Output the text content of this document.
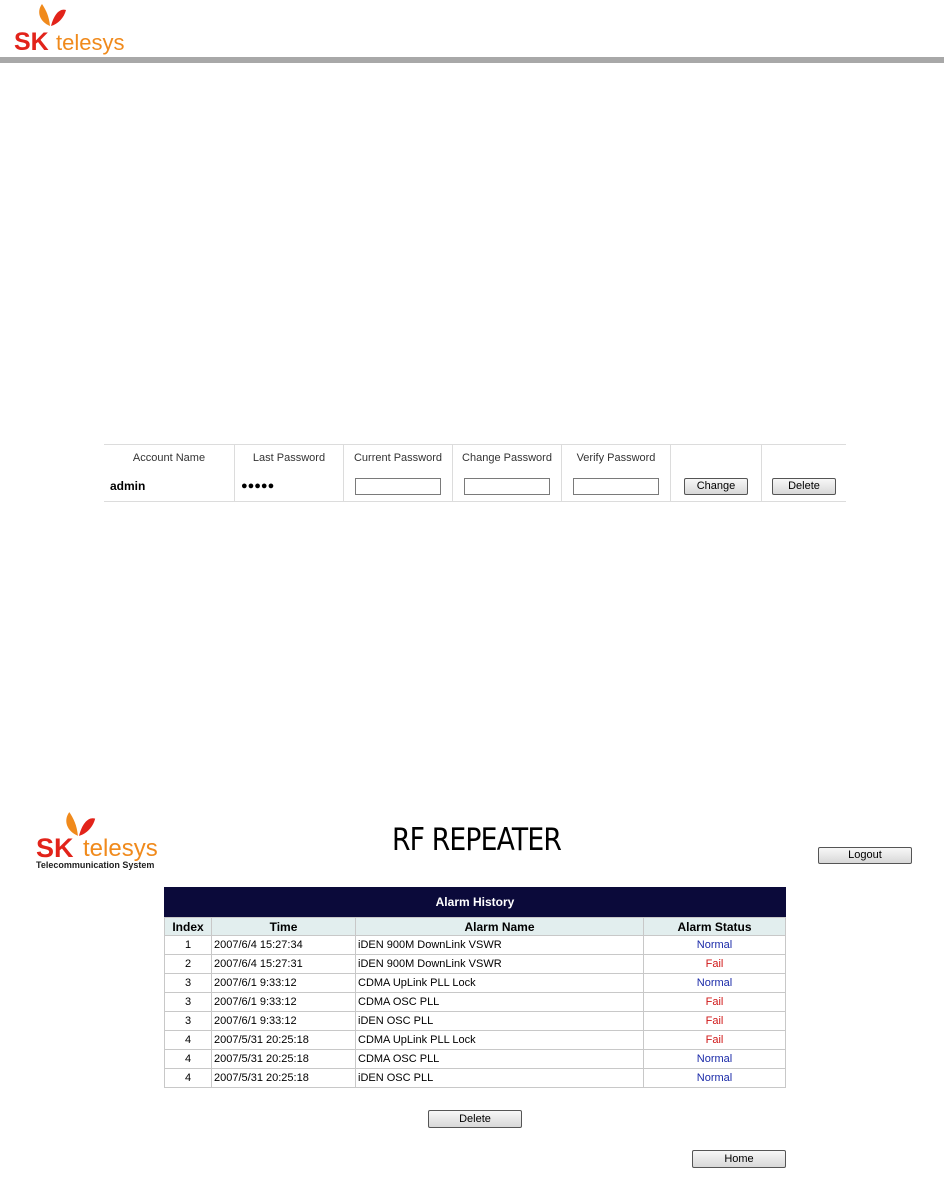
SK telesys
Account Name	Last Password	Current Password	Change Password	Verify Password		
admin	●●●●●				Change	Delete
SK telesys
Telecommunication System
RF REPEATER	Logout
Alarm History
Index	Time	Alarm Name	Alarm Status
1	2007/6/4 15:27:34	iDEN 900M DownLink VSWR	Normal
2	2007/6/4 15:27:31	iDEN 900M DownLink VSWR	Fail
3	2007/6/1 9:33:12	CDMA UpLink PLL Lock	Normal
3	2007/6/1 9:33:12	CDMA OSC PLL	Fail
3	2007/6/1 9:33:12	iDEN OSC PLL	Fail
4	2007/5/31 20:25:18	CDMA UpLink PLL Lock	Fail
4	2007/5/31 20:25:18	CDMA OSC PLL	Normal
4	2007/5/31 20:25:18	iDEN OSC PLL	Normal
Delete
Home
